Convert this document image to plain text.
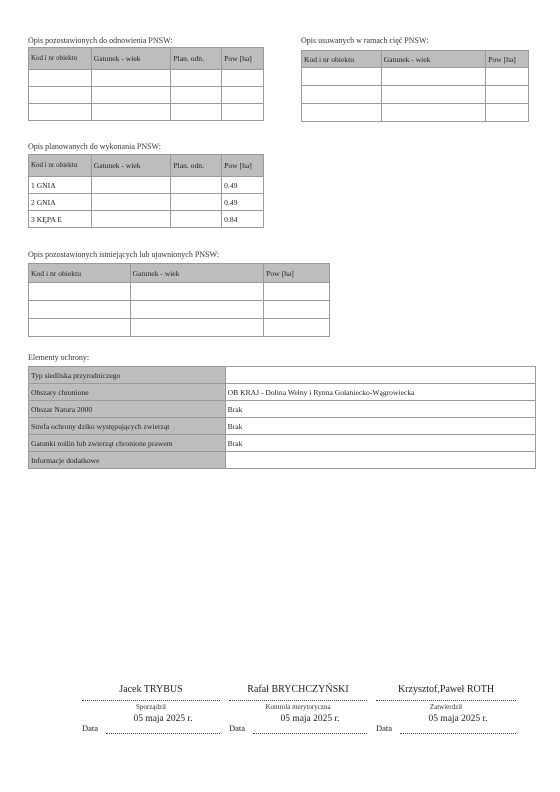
Opis pozostawionych do odnowienia PNSW:
Kod i nr obiektu	Gatunek - wiek	Plan. odn.	Pow [ha]

Opis usuwanych w ramach cięć PNSW:
Kod i nr obiektu	Gatunek - wiek	Pow [ha]

Opis planowanych do wykonania PNSW:
Kod i nr obiektu	Gatunek - wiek	Plan. odn.	Pow [ha]
1 GNIA			0.49
2 GNIA			0.49
3 KĘPA E			0.84
Opis pozostawionych istniejących lub ujawnionych PNSW:
Kod i nr obiektu	Gatunek - wiek	Pow [ha]

Elementy ochrony:
Typ siedliska przyrodniczego	
Obszary chronione	OB KRAJ - Dolina Wełny i Rynna Gołaniecko-Wągrowiecka
Obszar Natura 2000	Brak
Strefa ochrony dziko występujących zwierząt	Brak
Gatunki roślin lub zwierząt chronione prawem	Brak
Informacje dodatkowe	
Jacek TRYBUS
Sporządził
Data
05 maja 2025 r.
Rafał BRYCHCZYŃSKI
Kontrola merytoryczna
Data
05 maja 2025 r.
Krzysztof,Paweł ROTH
Zatwierdził
Data
05 maja 2025 r.
